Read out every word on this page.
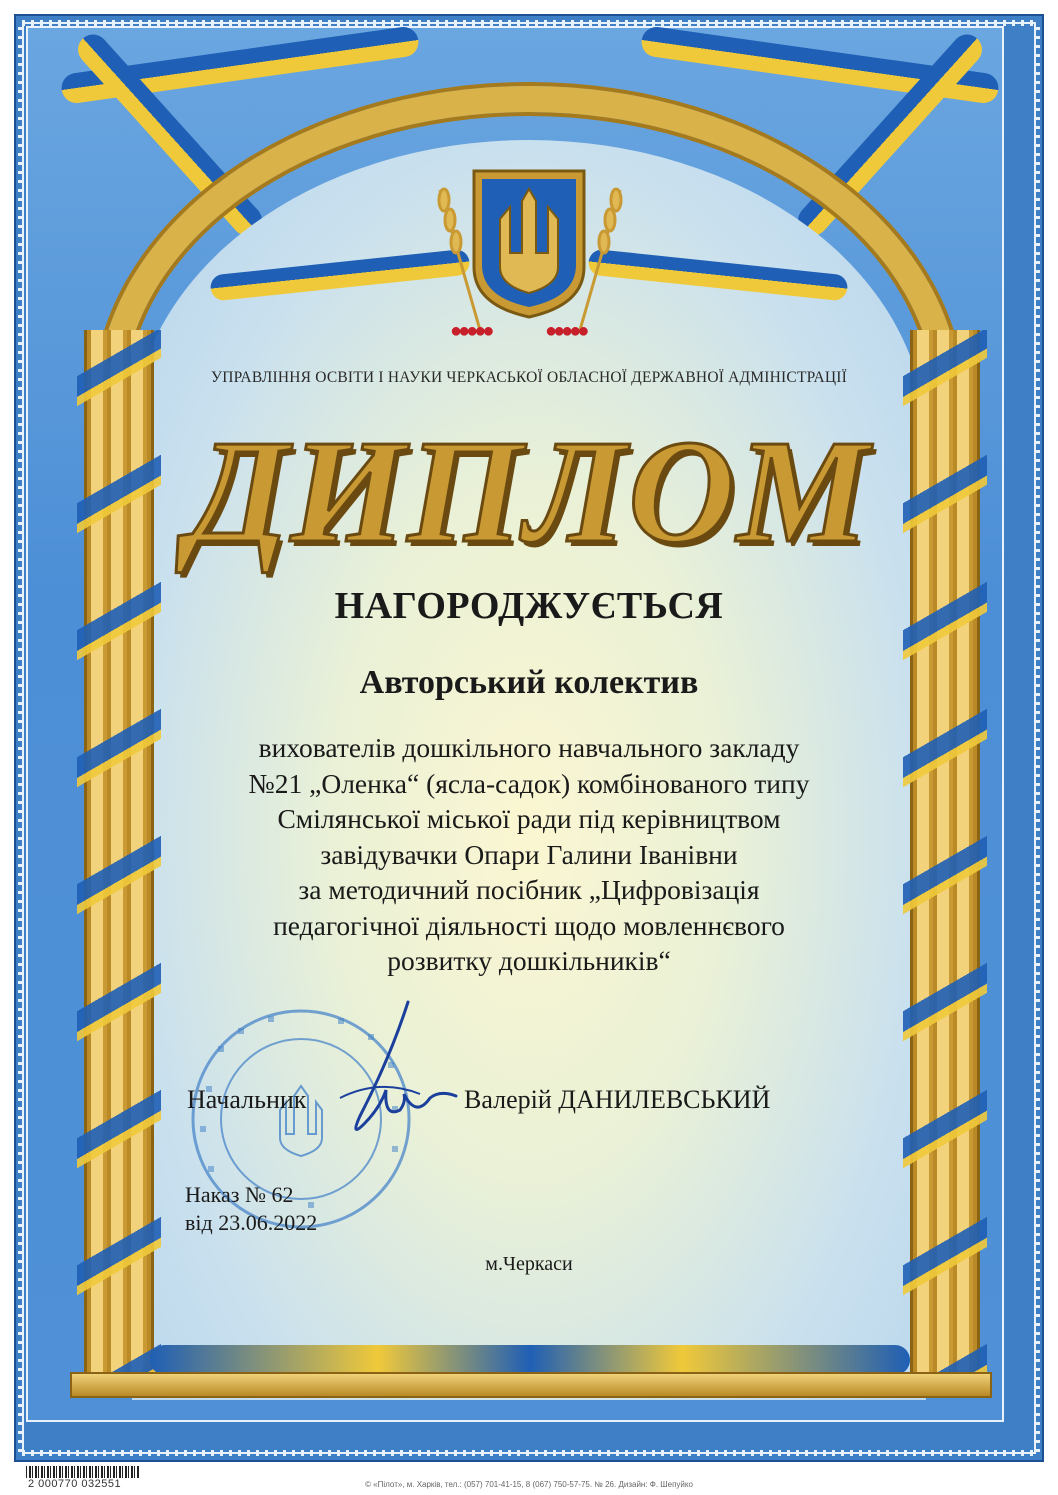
●●●●●	●●●●●
УПРАВЛІННЯ ОСВІТИ І НАУКИ ЧЕРКАСЬКОЇ ОБЛАСНОЇ ДЕРЖАВНОЇ АДМІНІСТРАЦІЇ
ДИПЛОМ
НАГОРОДЖУЄТЬСЯ
Авторський колектив
вихователів дошкільного навчального закладу
№21 „Оленка“ (ясла-садок) комбінованого типу
Смілянської міської ради під керівництвом
завідувачки Опари Галини Іванівни
за методичний посібник „Цифровізація
педагогічної діяльності щодо мовленнєвого
розвитку дошкільників“
Начальник	Валерій ДАНИЛЕВСЬКИЙ
Наказ № 62
від 23.06.2022
м.Черкаси
2 000770 032551	© «Пілот», м. Харків, тел.: (057) 701-41-15, 8 (067) 750-57-75. № 26. Дизайн: Ф. Шепуйко
